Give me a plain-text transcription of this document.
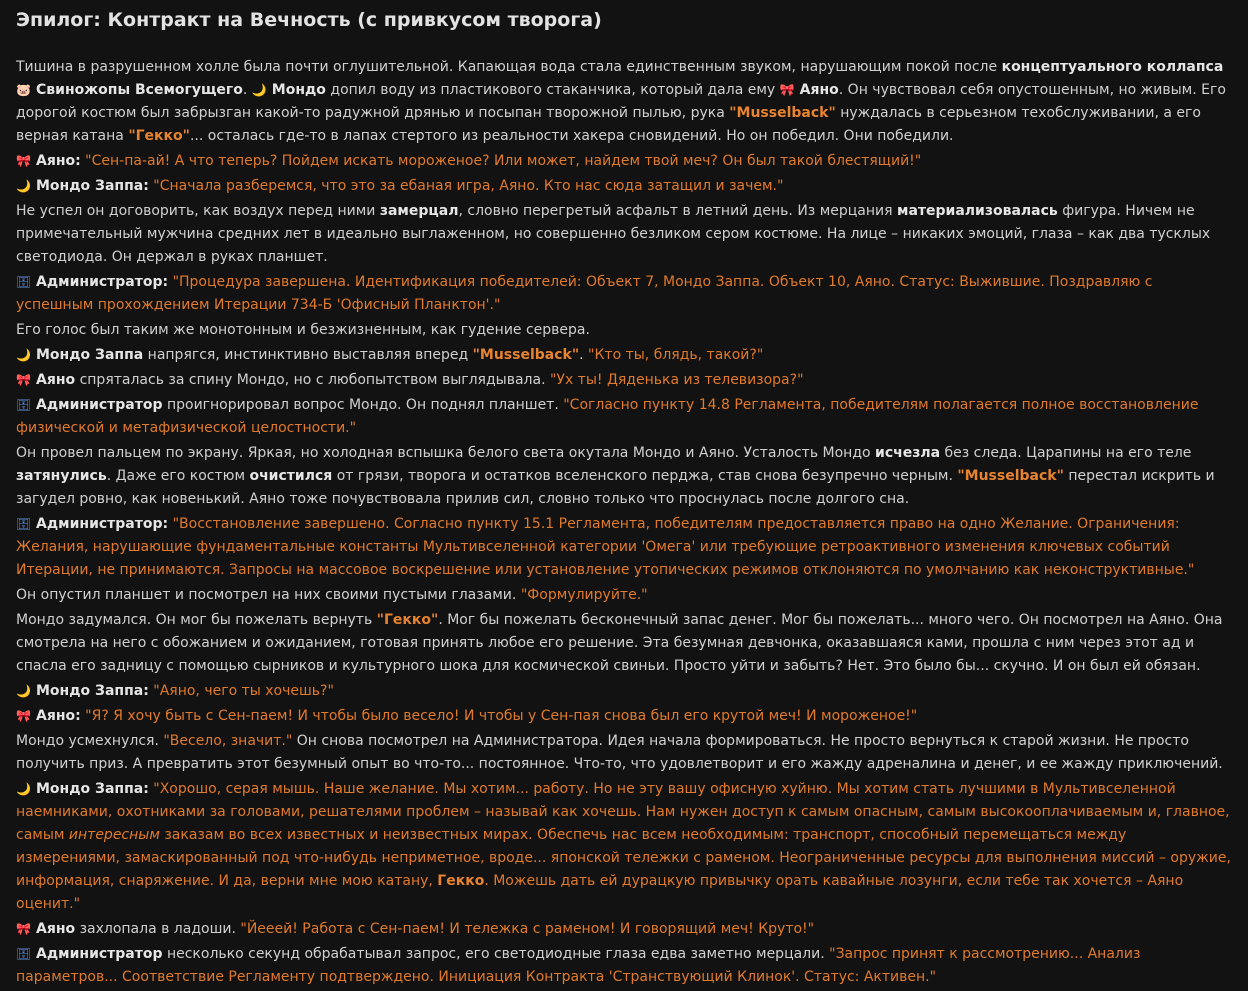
Эпилог: Контракт на Вечность (с привкусом творога)

Тишина в разрушенном холле была почти оглушительной. Капающая вода стала единственным звуком, нарушающим покой после концептуального коллапса 🐷 Свиножопы Всемогущего. 🌙 Мондо допил воду из пластикового стаканчика, который дала ему 🎀 Аяно. Он чувствовал себя опустошенным, но живым. Его дорогой костюм был забрызган какой-то радужной дрянью и посыпан творожной пылью, рука "Musselback" нуждалась в серьезном техобслуживании, а его верная катана "Гекко"... осталась где-то в лапах стертого из реальности хакера сновидений. Но он победил. Они победили.

🎀 Аяно: "Сен-па-ай! А что теперь? Пойдем искать мороженое? Или может, найдем твой меч? Он был такой блестящий!"

🌙 Мондо Заппа: "Сначала разберемся, что это за ебаная игра, Аяно. Кто нас сюда затащил и зачем."

Не успел он договорить, как воздух перед ними замерцал, словно перегретый асфальт в летний день. Из мерцания материализовалась фигура. Ничем не примечательный мужчина средних лет в идеально выглаженном, но совершенно безликом сером костюме. На лице – никаких эмоций, глаза – как два тусклых светодиода. Он держал в руках планшет.

🗄 Администратор: "Процедура завершена. Идентификация победителей: Объект 7, Мондо Заппа. Объект 10, Аяно. Статус: Выжившие. Поздравляю с успешным прохождением Итерации 734-Б 'Офисный Планктон'."

Его голос был таким же монотонным и безжизненным, как гудение сервера.

🌙 Мондо Заппа напрягся, инстинктивно выставляя вперед "Musselback". "Кто ты, блядь, такой?"

🎀 Аяно спряталась за спину Мондо, но с любопытством выглядывала. "Ух ты! Дяденька из телевизора?"

🗄 Администратор проигнорировал вопрос Мондо. Он поднял планшет. "Согласно пункту 14.8 Регламента, победителям полагается полное восстановление физической и метафизической целостности."

Он провел пальцем по экрану. Яркая, но холодная вспышка белого света окутала Мондо и Аяно. Усталость Мондо исчезла без следа. Царапины на его теле затянулись. Даже его костюм очистился от грязи, творога и остатков вселенского перджа, став снова безупречно черным. "Musselback" перестал искрить и загудел ровно, как новенький. Аяно тоже почувствовала прилив сил, словно только что проснулась после долгого сна.

🗄 Администратор: "Восстановление завершено. Согласно пункту 15.1 Регламента, победителям предоставляется право на одно Желание. Ограничения: Желания, нарушающие фундаментальные константы Мультивселенной категории 'Омега' или требующие ретроактивного изменения ключевых событий Итерации, не принимаются. Запросы на массовое воскрешение или установление утопических режимов отклоняются по умолчанию как неконструктивные."

Он опустил планшет и посмотрел на них своими пустыми глазами. "Формулируйте."

Мондо задумался. Он мог бы пожелать вернуть "Гекко". Мог бы пожелать бесконечный запас денег. Мог бы пожелать... много чего. Он посмотрел на Аяно. Она смотрела на него с обожанием и ожиданием, готовая принять любое его решение. Эта безумная девчонка, оказавшаяся ками, прошла с ним через этот ад и спасла его задницу с помощью сырников и культурного шока для космической свиньи. Просто уйти и забыть? Нет. Это было бы... скучно. И он был ей обязан.

🌙 Мондо Заппа: "Аяно, чего ты хочешь?"

🎀 Аяно: "Я? Я хочу быть с Сен-паем! И чтобы было весело! И чтобы у Сен-пая снова был его крутой меч! И мороженое!"

Мондо усмехнулся. "Весело, значит." Он снова посмотрел на Администратора. Идея начала формироваться. Не просто вернуться к старой жизни. Не просто получить приз. А превратить этот безумный опыт во что-то... постоянное. Что-то, что удовлетворит и его жажду адреналина и денег, и ее жажду приключений.

🌙 Мондо Заппа: "Хорошо, серая мышь. Наше желание. Мы хотим... работу. Но не эту вашу офисную хуйню. Мы хотим стать лучшими в Мультивселенной наемниками, охотниками за головами, решателями проблем – называй как хочешь. Нам нужен доступ к самым опасным, самым высокооплачиваемым и, главное, самым интересным заказам во всех известных и неизвестных мирах. Обеспечь нас всем необходимым: транспорт, способный перемещаться между измерениями, замаскированный под что-нибудь неприметное, вроде... японской тележки с раменом. Неограниченные ресурсы для выполнения миссий – оружие, информация, снаряжение. И да, верни мне мою катану, Гекко. Можешь дать ей дурацкую привычку орать кавайные лозунги, если тебе так хочется – Аяно оценит."

🎀 Аяно захлопала в ладоши. "Йееей! Работа с Сен-паем! И тележка с раменом! И говорящий меч! Круто!"

🗄 Администратор несколько секунд обрабатывал запрос, его светодиодные глаза едва заметно мерцали. "Запрос принят к рассмотрению... Анализ параметров... Соответствие Регламенту подтверждено. Инициация Контракта 'Странствующий Клинок'. Статус: Активен."
